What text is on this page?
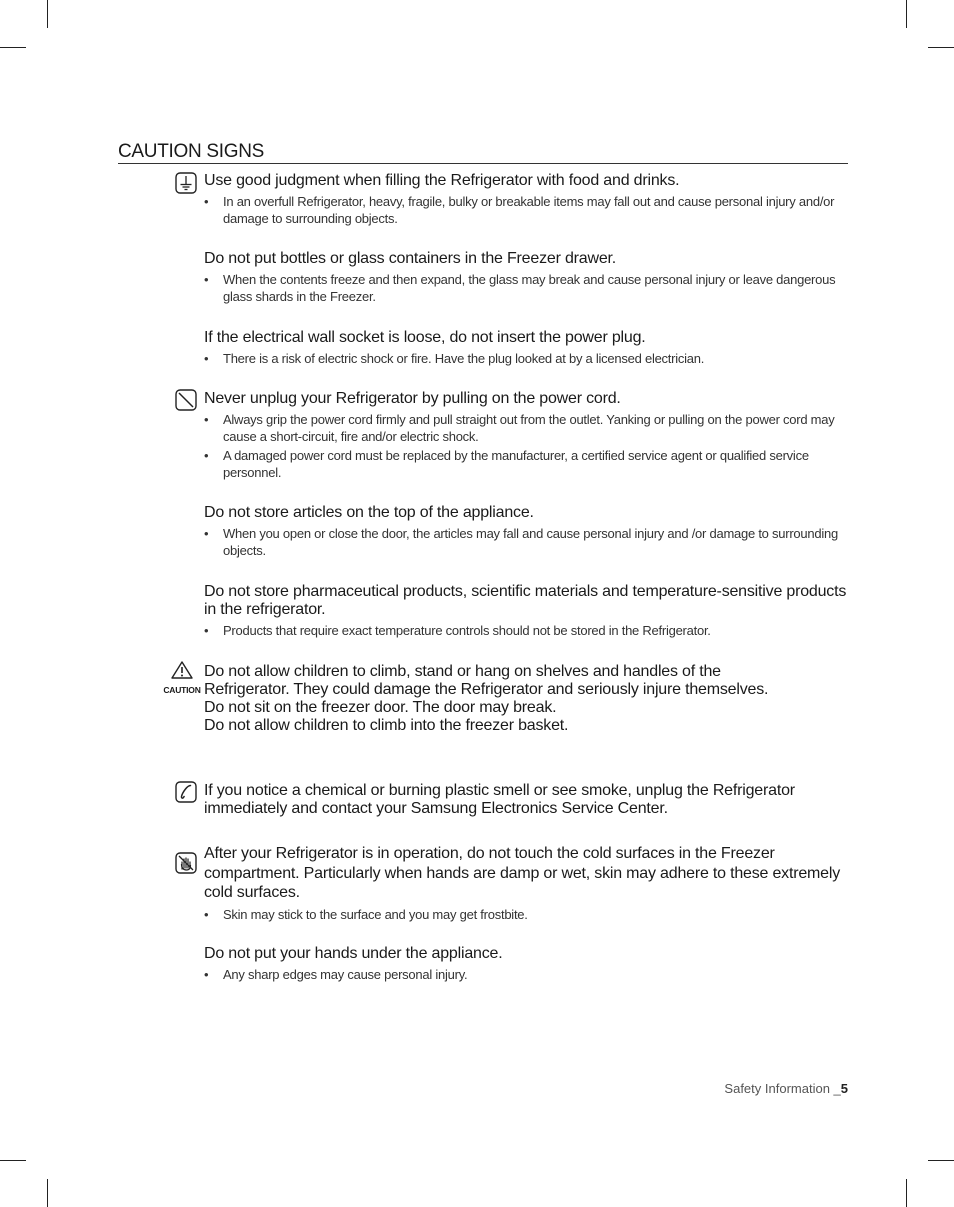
CAUTION SIGNS
CAUTION

Use good judgment when filling the Refrigerator with food and drinks.

• In an overfull Refrigerator, heavy, fragile, bulky or breakable items may fall out and cause personal injury and/or damage to surrounding objects.

Do not put bottles or glass containers in the Freezer drawer.

• When the contents freeze and then expand, the glass may break and cause personal injury or leave dangerous glass shards in the Freezer.

If the electrical wall socket is loose, do not insert the power plug.

• There is a risk of electric shock or fire. Have the plug looked at by a licensed electrician.

Never unplug your Refrigerator by pulling on the power cord.

• Always grip the power cord firmly and pull straight out from the outlet. Yanking or pulling on the power cord may cause a short-circuit, fire and/or electric shock.
• A damaged power cord must be replaced by the manufacturer, a certified service agent or qualified service personnel.

Do not store articles on the top of the appliance.

• When you open or close the door, the articles may fall and cause personal injury and /or damage to surrounding objects.

Do not store pharmaceutical products, scientific materials and temperature-sensitive products in the refrigerator.

• Products that require exact temperature controls should not be stored in the Refrigerator.

Do not allow children to climb, stand or hang on shelves and handles of the

Refrigerator. They could damage the Refrigerator and seriously injure themselves.

Do not sit on the freezer door. The door may break.

Do not allow children to climb into the freezer basket.

If you notice a chemical or burning plastic smell or see smoke, unplug the Refrigerator immediately and contact your Samsung Electronics Service Center.

After your Refrigerator is in operation, do not touch the cold surfaces in the Freezer compartment. Particularly when hands are damp or wet, skin may adhere to these extremely cold surfaces.

• Skin may stick to the surface and you may get frostbite.

Do not put your hands under the appliance.

• Any sharp edges may cause personal injury.
Safety Information _5
